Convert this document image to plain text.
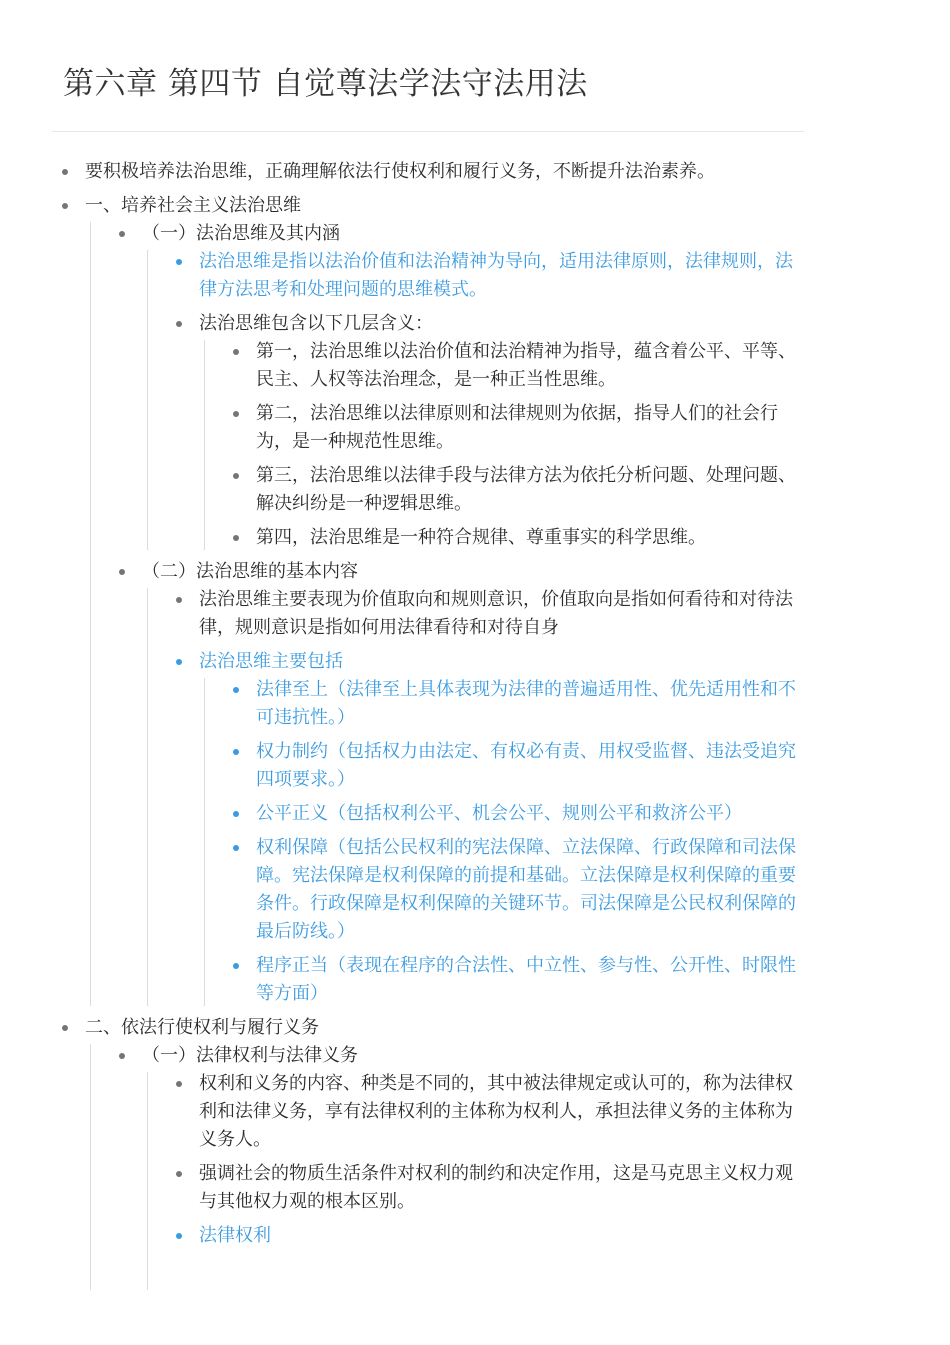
第六章 第四节 自觉尊法学法守法用法
要积极培养法治思维，正确理解依法行使权利和履行义务，不断提升法治素养。
一、培养社会主义法治思维
（一）法治思维及其内涵
法治思维是指以法治价值和法治精神为导向，适用法律原则，法律规则，法律方法思考和处理问题的思维模式。
法治思维包含以下几层含义：
第一，法治思维以法治价值和法治精神为指导，蕴含着公平、平等、民主、人权等法治理念，是一种正当性思维。
第二，法治思维以法律原则和法律规则为依据，指导人们的社会行为，是一种规范性思维。
第三，法治思维以法律手段与法律方法为依托分析问题、处理问题、解决纠纷是一种逻辑思维。
第四，法治思维是一种符合规律、尊重事实的科学思维。
（二）法治思维的基本内容
法治思维主要表现为价值取向和规则意识，价值取向是指如何看待和对待法律，规则意识是指如何用法律看待和对待自身
法治思维主要包括
法律至上（法律至上具体表现为法律的普遍适用性、优先适用性和不可违抗性。）
权力制约（包括权力由法定、有权必有责、用权受监督、违法受追究四项要求。）
公平正义（包括权利公平、机会公平、规则公平和救济公平）
权利保障（包括公民权利的宪法保障、立法保障、行政保障和司法保障。宪法保障是权利保障的前提和基础。立法保障是权利保障的重要条件。行政保障是权利保障的关键环节。司法保障是公民权利保障的最后防线。）
程序正当（表现在程序的合法性、中立性、参与性、公开性、时限性等方面）
二、依法行使权利与履行义务
（一）法律权利与法律义务
权利和义务的内容、种类是不同的，其中被法律规定或认可的，称为法律权利和法律义务，享有法律权利的主体称为权利人，承担法律义务的主体称为义务人。
强调社会的物质生活条件对权利的制约和决定作用，这是马克思主义权力观与其他权力观的根本区别。
法律权利
